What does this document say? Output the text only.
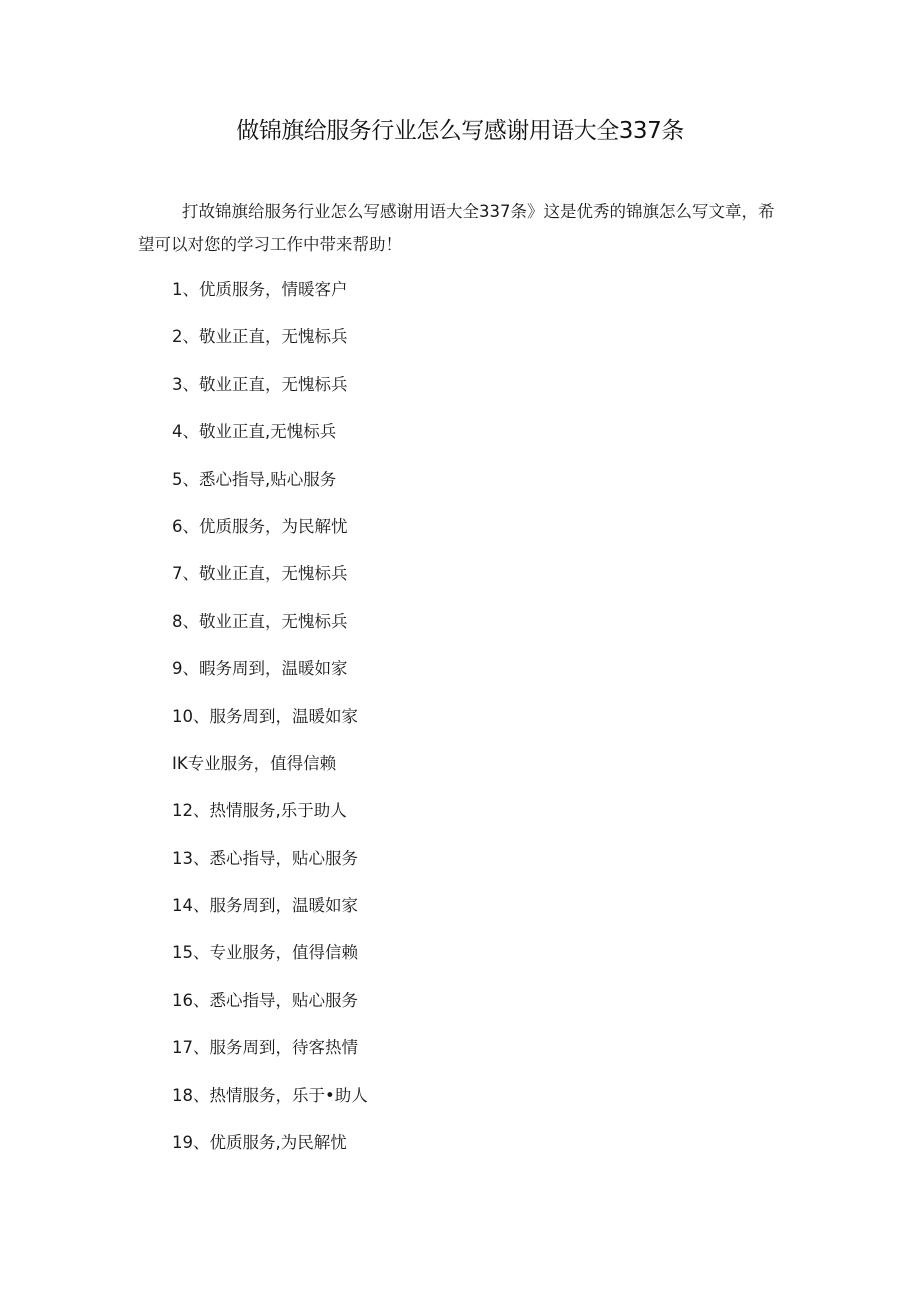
做锦旗给服务行业怎么写感谢用语大全337条
打故锦旗给服务行业怎么写感谢用语大全337条》这是优秀的锦旗怎么写文章，希望可以对您的学习工作中带来帮助！
1、优质服务，情暖客户
2、敬业正直，无愧标兵
3、敬业正直，无愧标兵
4、敬业正直,无愧标兵
5、悉心指导,贴心服务
6、优质服务，为民解忧
7、敬业正直，无愧标兵
8、敬业正直，无愧标兵
9、暇务周到，温暖如家
10、服务周到，温暖如家
IK专业服务，值得信赖
12、热情服务,乐于助人
13、悉心指导，贴心服务
14、服务周到，温暖如家
15、专业服务，值得信赖
16、悉心指导，贴心服务
17、服务周到，待客热情
18、热情服务，乐于•助人
19、优质服务,为民解忧
